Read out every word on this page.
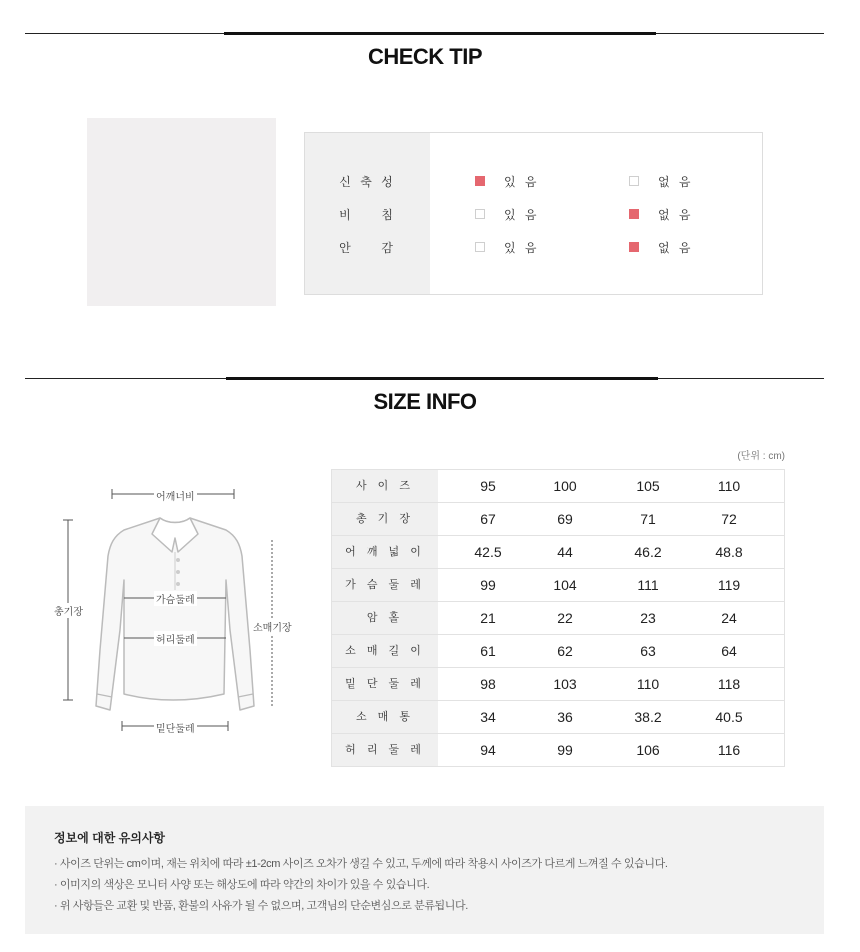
CHECK TIP
신 축 성	있 음	없 음
비 　 침	있 음	없 음
안 　 감	있 음	없 음
SIZE INFO
(단위 : cm)
어깨너비
총기장
가슴둘레
허리둘레
소매기장
밑단둘레
사 이 즈	95	100	105	110
총 기 장	67	69	71	72
어 깨 넓 이	42.5	44	46.2	48.8
가 슴 둘 레	99	104	111	119
암 홀	21	22	23	24
소 매 길 이	61	62	63	64
밑 단 둘 레	98	103	110	118
소 매 통	34	36	38.2	40.5
허 리 둘 레	94	99	106	116
정보에 대한 유의사항
· 사이즈 단위는 cm이며, 재는 위치에 따라 ±1-2cm 사이즈 오차가 생길 수 있고, 두께에 따라 착용시 사이즈가 다르게 느껴질 수 있습니다.
· 이미지의 색상은 모니터 사양 또는 해상도에 따라 약간의 차이가 있을 수 있습니다.
· 위 사항들은 교환 및 반품, 환불의 사유가 될 수 없으며, 고객님의 단순변심으로 분류됩니다.
